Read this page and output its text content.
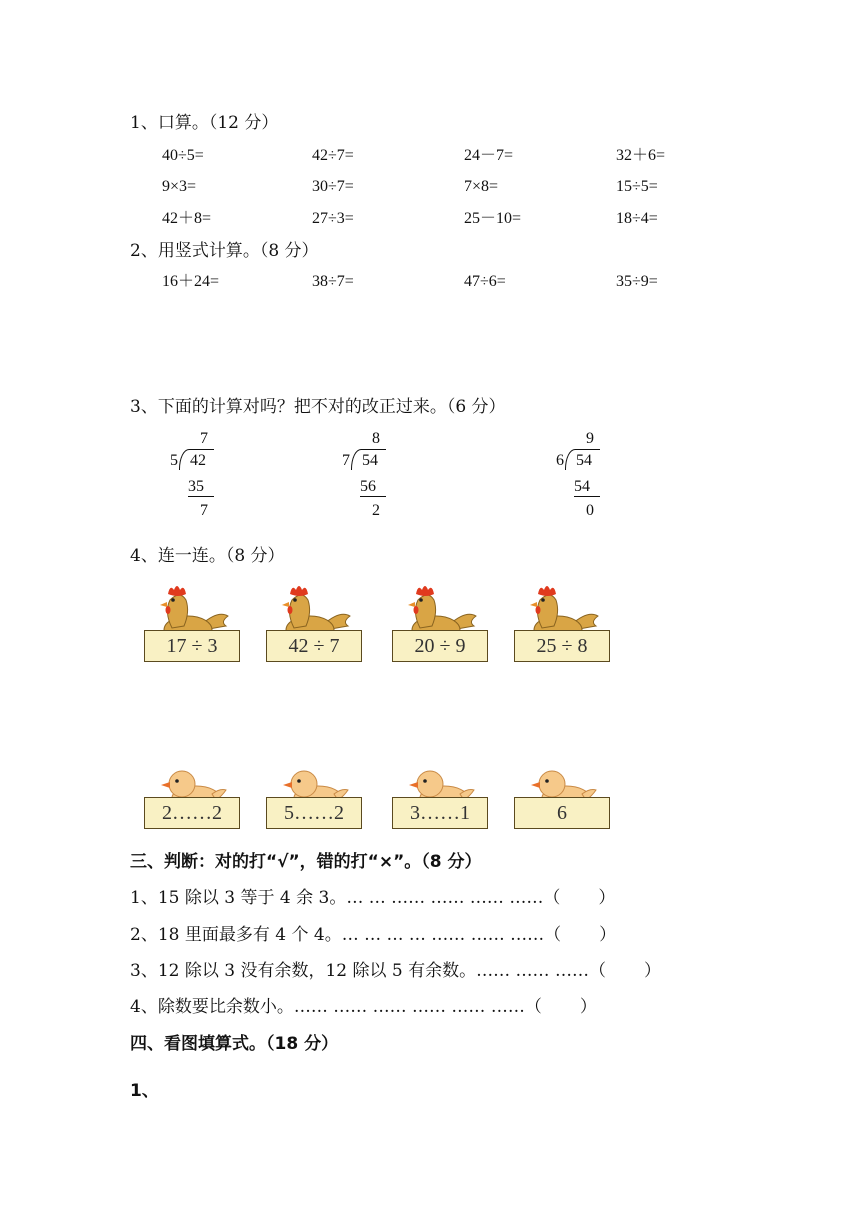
1、口算。（12 分）
40÷5=	42÷7=	24－7=	32＋6=
9×3=	30÷7=	7×8=	15÷5=
42＋8=	27÷3=	25－10=	18÷4=
2、用竖式计算。（8 分）
16＋24=	38÷7=	47÷6=	35÷9=
3、下面的计算对吗？把不对的改正过来。（6 分）
7
5 42
35
7
8
7 54
56
2
9
6 54
54
0
4、连一连。（8 分）
17 ÷ 3	42 ÷ 7	20 ÷ 9	25 ÷ 8
2……2	5……2	3……1	6
三、判断：对的打“√”，错的打“×”。（8 分）
1、15 除以 3 等于 4 余 3。… … …… …… …… ……（ ）
2、18 里面最多有 4 个 4。… … … … …… …… ……（ ）
3、12 除以 3 没有余数，12 除以 5 有余数。…… …… ……（ ）
4、除数要比余数小。…… …… …… …… …… ……（ ）
四、看图填算式。（18 分）
1、
